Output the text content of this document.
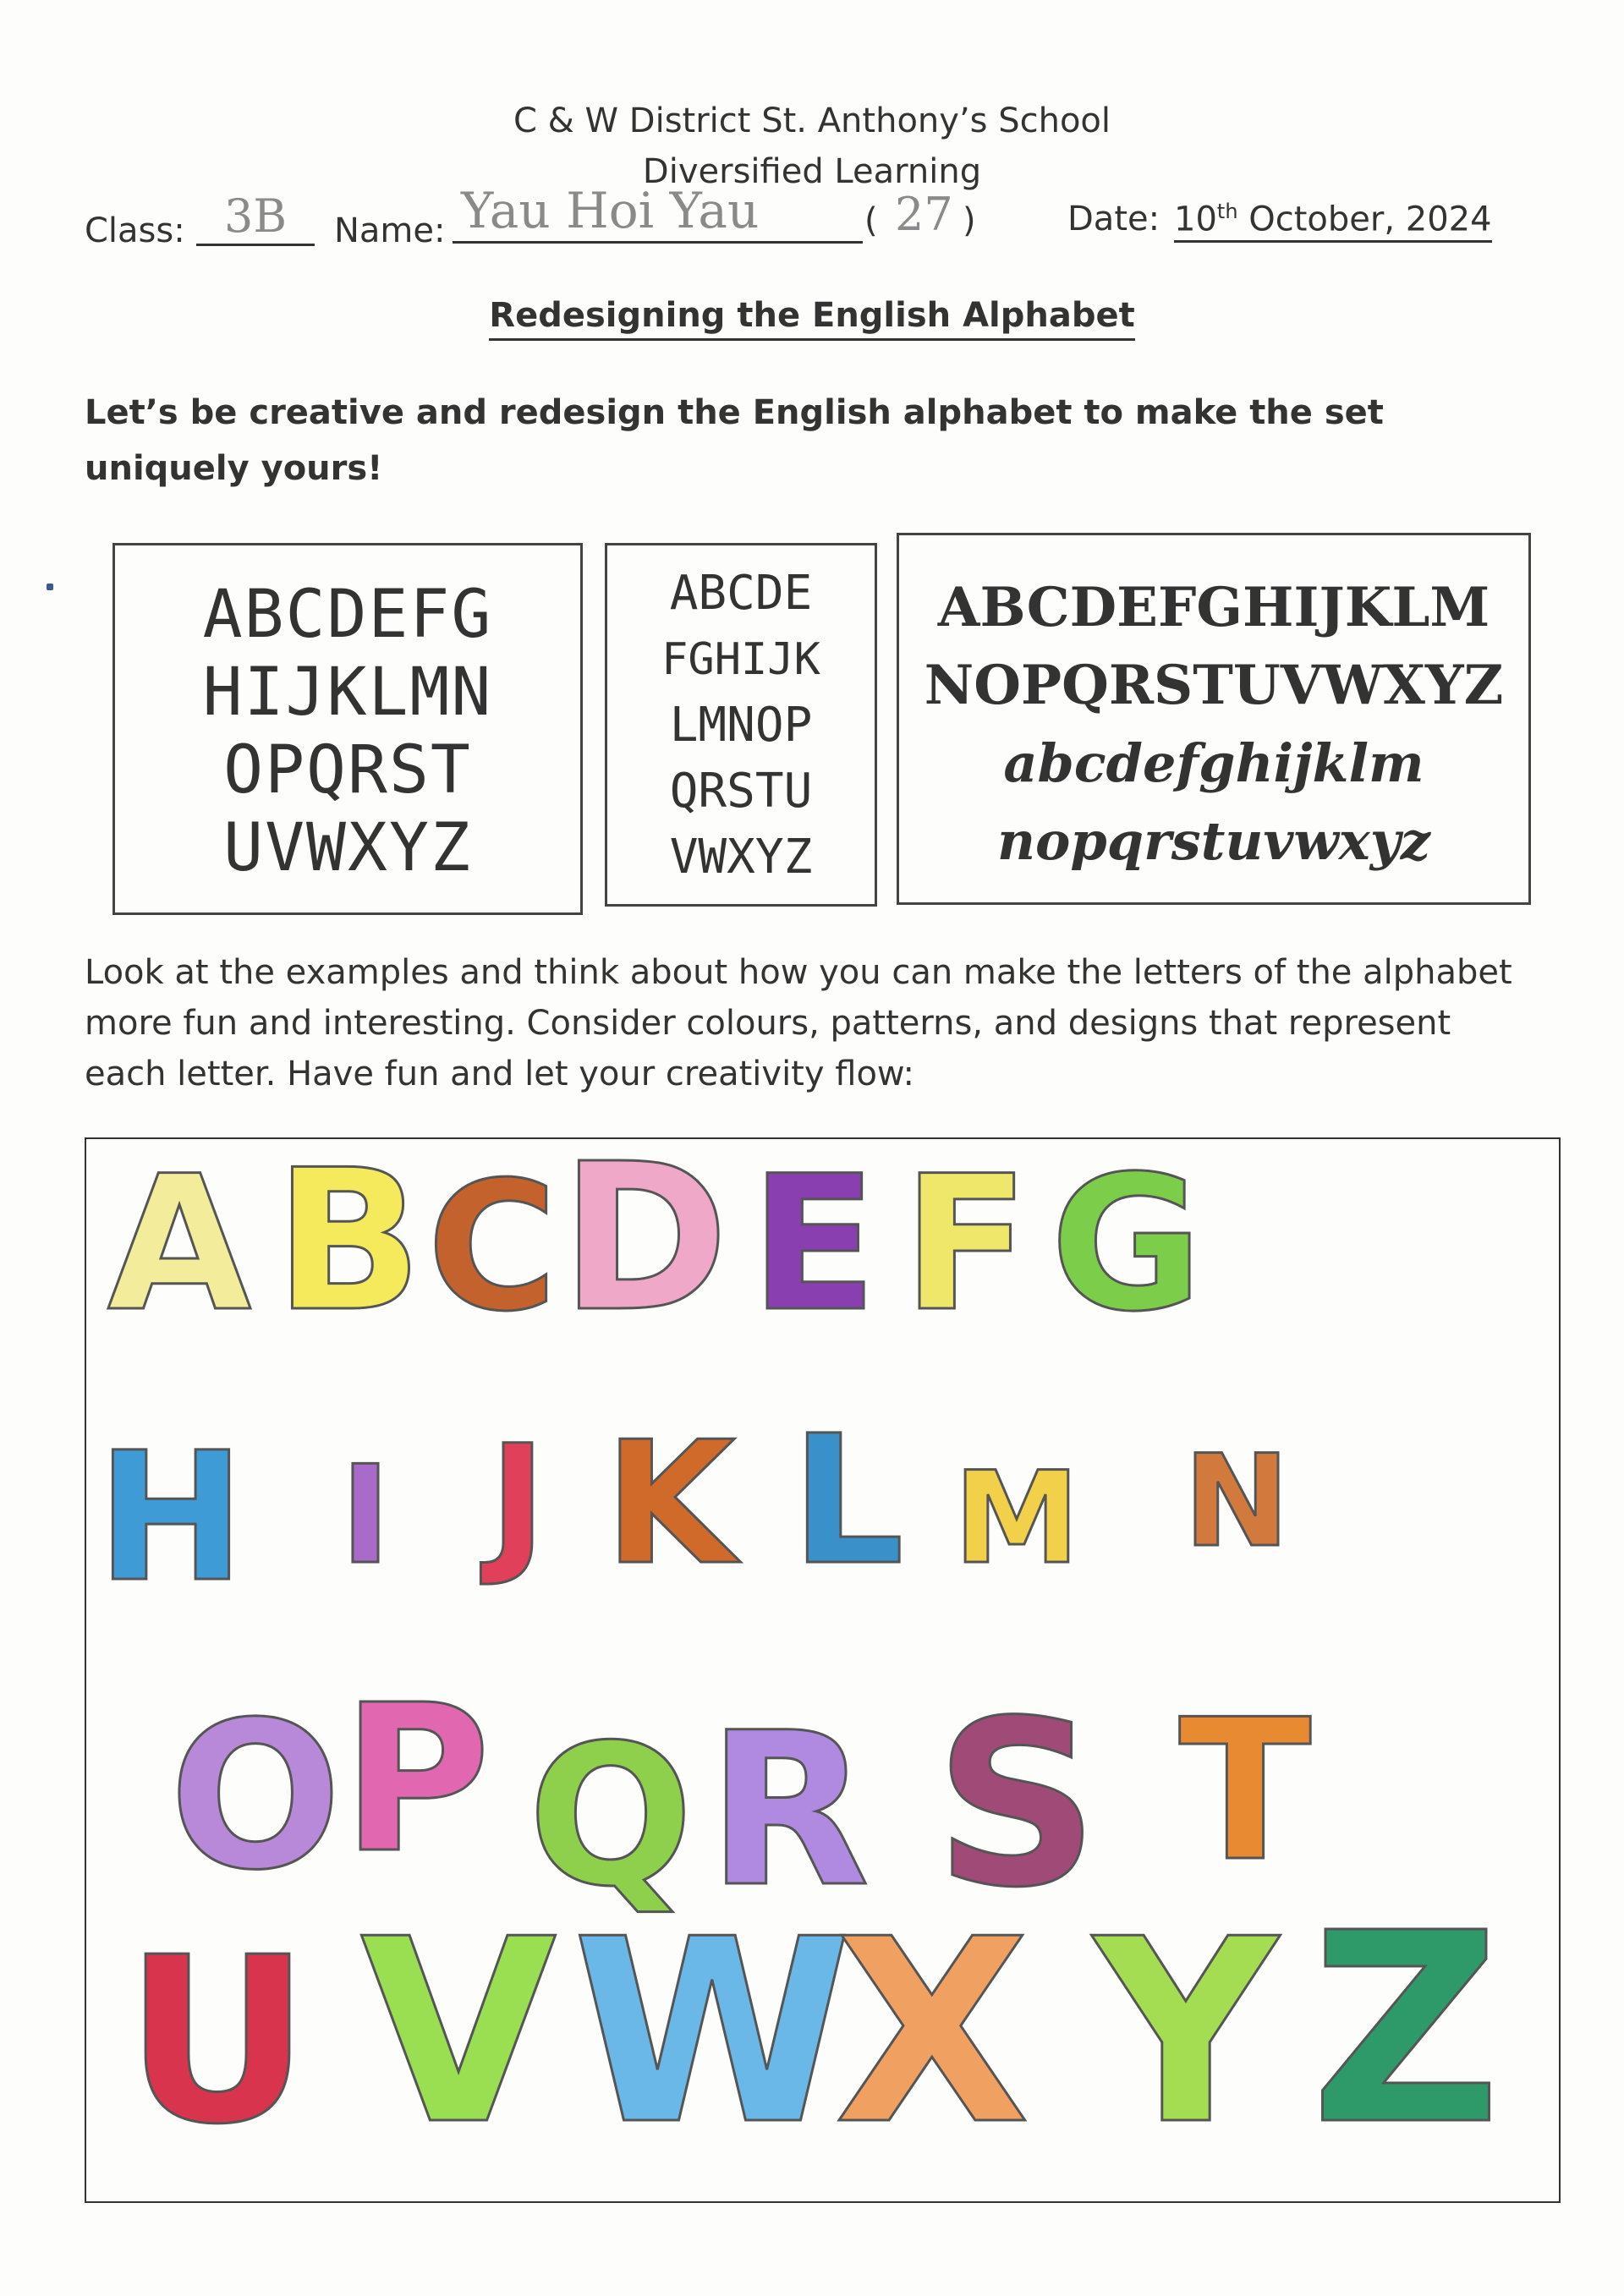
C & W District St. Anthony’s School
Diversified Learning
Class: 3B	Name: Yau Hoi Yau	( 27 )	Date: 10th October, 2024
Redesigning the English Alphabet
Let’s be creative and redesign the English alphabet to make the set uniquely yours!
ABCDEFG
HIJKLMN
OPQRST
UVWXYZ
ABCDE
FGHIJK
LMNOP
QRSTU
VWXYZ
ABCDEFGHIJKLM
NOPQRSTUVWXYZ
abcdefghijklm
nopqrstuvwxyz
Look at the examples and think about how you can make the letters of the alphabet more fun and interesting. Consider colours, patterns, and designs that represent each letter. Have fun and let your creativity flow:
A B C D E F G
H I J K L M N
O P Q R S T
U V W
X Y Z
